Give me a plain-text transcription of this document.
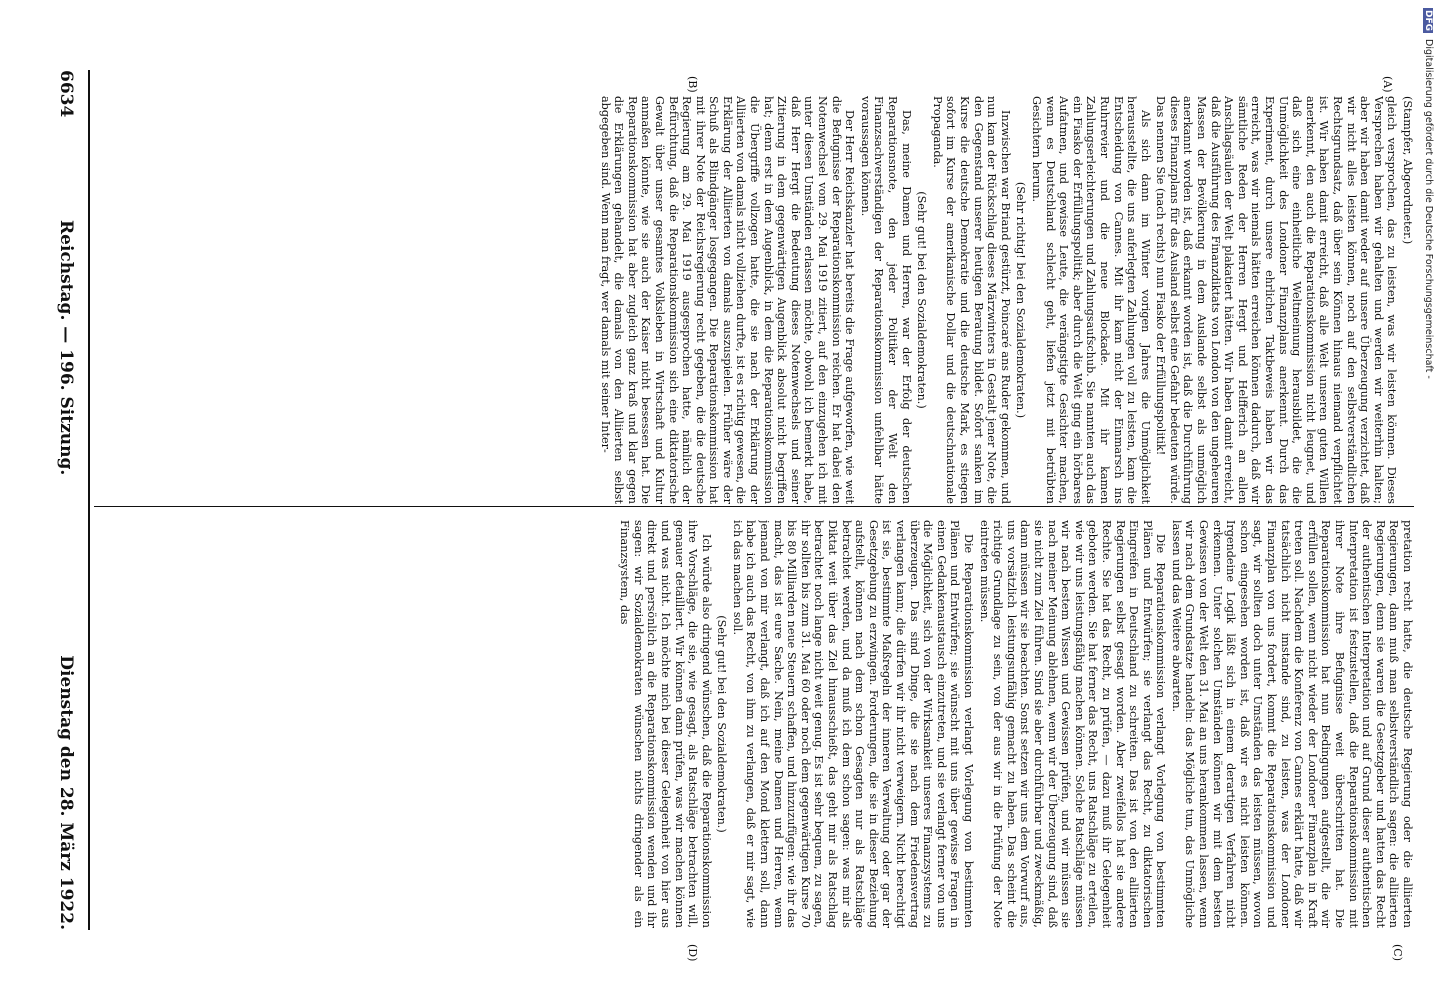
6634
Reichstag. — 196. Sitzung.
Dienstag den 28. März 1922.
(A)
(B)
(C)
(D)

(Stampfer, Abgeordneter.)

gleich versprochen, das zu leisten, was wir leisten können. Dieses Versprechen haben wir gehalten und werden wir weiterhin halten; aber wir haben damit weder auf unsere Überzeugung verzichtet, daß wir nicht alles leisten können, noch auf den selbstverständlichen Rechtsgrundsatz, daß über sein Können hinaus niemand verpflichtet ist. Wir haben damit erreicht, daß alle Welt unseren guten Willen anerkennt, den auch die Reparationskommission nicht leugnet, und daß sich eine einheitliche Weltmeinung herausbildet, die die Unmöglichkeit des Londoner Finanzplans anerkennt. Durch das Experiment, durch unsere ehrlichen Taktbeweis haben wir das erreicht, was wir niemals hätten erreichen können dadurch, daß wir sämtliche Reden der Herren Hergt und Helfferich an allen Anschlagsäulen der Welt plakatiert hätten. Wir haben damit erreicht, daß die Ausführung des Finanzdiktats von London von den ungeheuren Massen der Bevölkerung in dem Auslande selbst als unmöglich anerkannt worden ist, daß erkannt worden ist, daß die Durchführung dieses Finanzplans für das Ausland selbst eine Gefahr bedeuten würde. Das nennen Sie (nach rechts) nun Fiasko der Erfüllungspolitik!

Als sich dann im Winter vorigen Jahres die Unmöglichkeit herausstellte, die uns auferlegten Zahlungen voll zu leisten, kam die Entscheidung von Cannes. Mit ihr kam nicht der Einmarsch ins Ruhrrevier und die neue Blockade. Mit ihr kamen Zahlungserleichterungen und Zahlungsaufschub. Sie nannten auch das ein Fiasko der Erfüllungspolitik; aber durch die Welt ging ein hörbares Aufatmen, und gewisse Leute, die verängstigte Gesichter machen, wenn es Deutschland schlecht geht, liefen jetzt mit betrübten Gesichtern herum.

(Sehr richtig! bei den Sozialdemokraten.)

Inzwischen war Briand gestürzt, Poincaré ans Ruder gekommen, und nun kam der Rückschlag dieses Märzwinters in Gestalt jener Note, die den Gegenstand unserer heutigen Beratung bildet. Sofort sanken im Kurse die deutsche Demokratie und die deutsche Mark, es stiegen sofort im Kurse der amerikanische Dollar und die deutschnationale Propaganda.

(Sehr gut! bei den Sozialdemokraten.)

Das, meine Damen und Herren, war der Erfolg der deutschen Reparationsnote, den jeder Politiker der Welt den Finanzsachverständigen der Reparationskommission unfehlbar hätte voraussagen können.

Der Herr Reichskanzler hat bereits die Frage aufgeworfen, wie weit die Befugnisse der Reparationskommission reichen. Er hat dabei den Notenwechsel vom 29. Mai 1919 zitiert, auf den einzugehen ich mit unter diesen Umständen erlassen möchte, obwohl ich bemerkt habe, daß Herr Hergt die Bedeutung dieses Notenwechsels und seiner Zitierung in dem gegenwärtigen Augenblick absolut nicht begriffen hat; denn erst in dem Augenblick, in dem die Reparationskommission die Übergriffe vollzogen hatte, die sie nach der Erklärung der Alliierten von damals nicht vollziehen durfte, ist es richtig gewesen, die Erklärung der Alliierten von damals auszuspielen. Früher wäre der Schuß als Blindgänger losgegangen. Die Reparationskommission hat mit ihrer Note der Reichsregierung recht gegeben, die die deutsche Regierung am 29. Mai 1919 ausgesprochen hatte, nämlich der Befürchtung, daß die Reparationskommission sich eine diktatorische Gewalt über unser gesamtes Volksleben in Wirtschaft und Kultur anmaßen könnte, wie sie auch der Kaiser nicht besessen hat. Die Reparationskommission hat aber zugleich ganz kraß und klar gegen die Erklärungen gehandelt, die damals von den Alliierten selbst abgegeben sind. Wenn man fragt, wer damals mit seiner Inter-

pretation recht hatte, die deutsche Regierung oder die alliierten Regierungen, dann muß man selbstverständlich sagen: die alliierten Regierungen, denn sie waren die Gesetzgeber und hatten das Recht der authentischen Interpretation und auf Grund dieser authentischen Interpretation ist festzustellen, daß die Reparationskommission mit ihrer Note ihre Befugnisse weit überschritten hat. Die Reparationskommission hat nun Bedingungen aufgestellt, die wir erfüllen sollen, wenn nicht wieder der Londoner Finanzplan in Kraft treten soll. Nachdem die Konferenz von Cannes erklärt hatte, daß wir tatsächlich nicht imstande sind, zu leisten, was der Londoner Finanzplan von uns fordert, kommt die Reparationskommission und sagt, wir sollten doch unter Umständen das leisten müssen, wovon schon eingesehen worden ist, daß wir es nicht leisten können. Irgendeine Logik läßt sich in einem derartigen Verfahren nicht erkennen. Unter solchen Umständen können wir mit dem besten Gewissen von der Welt den 31. Mai an uns herankommen lassen, wenn wir nach dem Grundsatze handeln: das Mögliche tun, das Unmögliche lassen und das Weitere abwarten.

Die Reparationskommission verlangt Vorlegung von bestimmten Plänen und Entwürfen; sie verlangt das Recht, zu diktatorischen Eingreifen in Deutschland zu schreiten. Das ist von den alliierten Regierungen selbst gesagt worden. Aber zweifellos hat sie andere Rechte. Sie hat das Recht, zu prüfen, — dazu muß ihr Gelegenheit geboten werden. Sie hat ferner das Recht, uns Ratschläge zu erteilen, wie wir uns leistungsfähig machen können. Solche Ratschläge müssen wir nach bestem Wissen und Gewissen prüfen, und wir müssen sie nach meiner Meinung ablehnen, wenn wir der Überzeugung sind, daß sie nicht zum Ziel führen. Sind sie aber durchführbar und zweckmäßig, dann müssen wir sie beachten. Sonst setzen wir uns dem Vorwurf aus, uns vorsätzlich leistungsunfähig gemacht zu haben. Das scheint die richtige Grundlage zu sein, von der aus wir in die Prüfung der Note eintreten müssen.

Die Reparationskommission verlangt Vorlegung von bestimmten Plänen und Entwürfen; sie wünscht mit uns über gewisse Fragen in einen Gedankenaustausch einzutreten, und sie verlangt ferner von uns die Möglichkeit, sich von der Wirksamkeit unseres Finanzsystems zu überzeugen. Das sind Dinge, die sie nach dem Friedensvertrag verlangen kann; die dürfen wir ihr nicht verweigern. Nicht berechtigt ist sie, bestimmte Maßregeln der inneren Verwaltung oder gar der Gesetzgebung zu erzwingen. Forderungen, die sie in dieser Beziehung aufstellt, können nach dem schon Gesagten nur als Ratschläge betrachtet werden, und da muß ich dem schon sagen: was mir als Diktat weit über das Ziel hinausschießt, das geht mir als Ratschlag betrachtet noch lange nicht weit genug. Es ist sehr bequem, zu sagen, ihr sollten bis zum 31. Mai 60 oder noch dem gegenwärtigen Kurse 70 bis 80 Milliarden neue Steuern schaffen, und hinzuzufügen: wie ihr das macht, das ist eure Sache. Nein, meine Damen und Herren, wenn jemand von mir verlangt, daß ich auf den Mond klettern soll, dann habe ich auch das Recht, von ihm zu verlangen, daß er mir sagt, wie ich das machen soll.

(Sehr gut! bei den Sozialdemokraten.)

Ich würde also dringend wünschen, daß die Reparationskommission ihre Vorschläge, die sie, wie gesagt, als Ratschläge betrachten will, genauer detailliert. Wir können dann prüfen, was wir machen können und was nicht. Ich möchte mich bei dieser Gelegenheit von hier aus direkt und persönlich an die Reparationskommission wenden und ihr sagen: wir Sozialdemokraten wünschen nichts dringender als ein Finanzsystem, das

DFGDigitalisierung gefördert durch die Deutsche Forschungsgemeinschaft -
